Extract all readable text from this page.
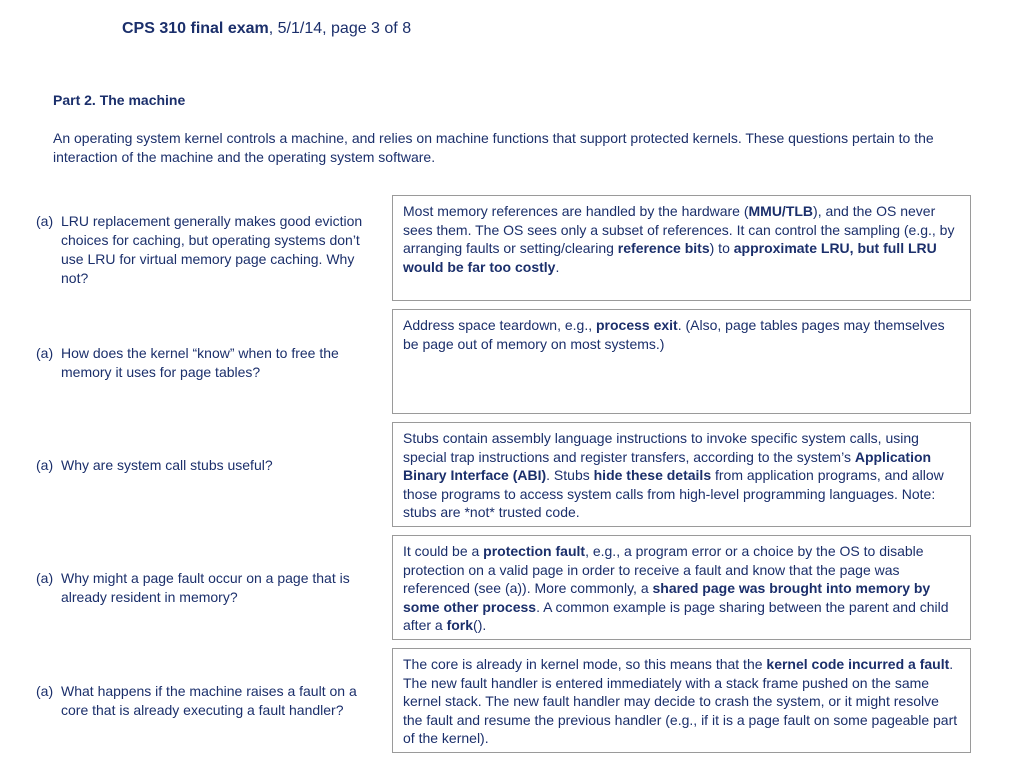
CPS 310 final exam, 5/1/14, page 3 of 8
Part 2. The machine
An operating system kernel controls a machine, and relies on machine functions that support protected kernels. These questions pertain to the interaction of the machine and the operating system software.
(a) LRU replacement generally makes good eviction choices for caching, but operating systems don’t use LRU for virtual memory page caching. Why not?
Most memory references are handled by the hardware (MMU/TLB), and the OS never sees them. The OS sees only a subset of references. It can control the sampling (e.g., by arranging faults or setting/clearing reference bits) to approximate LRU, but full LRU would be far too costly.
(a) How does the kernel “know” when to free the memory it uses for page tables?
Address space teardown, e.g., process exit. (Also, page tables pages may themselves be page out of memory on most systems.)
(a) Why are system call stubs useful?
Stubs contain assembly language instructions to invoke specific system calls, using special trap instructions and register transfers, according to the system’s Application Binary Interface (ABI). Stubs hide these details from application programs, and allow those programs to access system calls from high-level programming languages. Note: stubs are *not* trusted code.
(a) Why might a page fault occur on a page that is already resident in memory?
It could be a protection fault, e.g., a program error or a choice by the OS to disable protection on a valid page in order to receive a fault and know that the page was referenced (see (a)). More commonly, a shared page was brought into memory by some other process. A common example is page sharing between the parent and child after a fork().
(a) What happens if the machine raises a fault on a core that is already executing a fault handler?
The core is already in kernel mode, so this means that the kernel code incurred a fault. The new fault handler is entered immediately with a stack frame pushed on the same kernel stack. The new fault handler may decide to crash the system, or it might resolve the fault and resume the previous handler (e.g., if it is a page fault on some pageable part of the kernel).
